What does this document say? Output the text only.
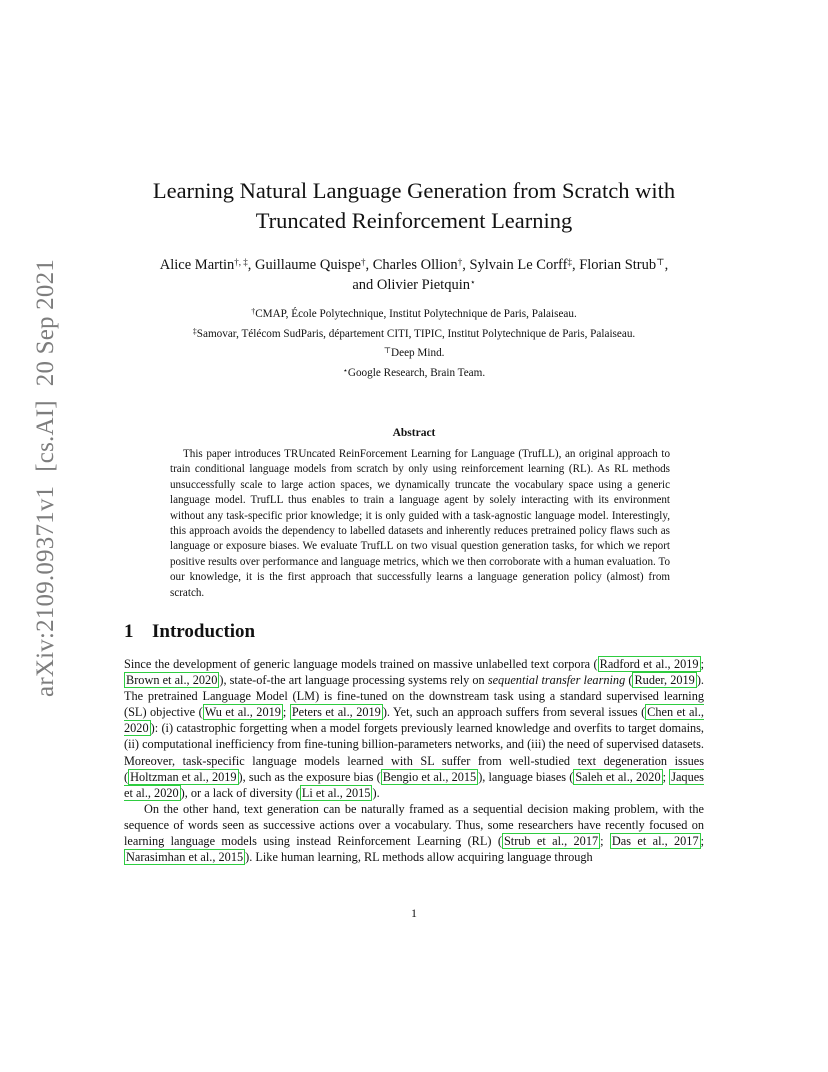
arXiv:2109.09371v1[cs.AI]20 Sep 2021
Learning Natural Language Generation from Scratch with
Truncated Reinforcement Learning
Alice Martin†, ‡, Guillaume Quispe†, Charles Ollion†, Sylvain Le Corff‡, Florian Strub⊤,
and Olivier Pietquin⋆
†CMAP, École Polytechnique, Institut Polytechnique de Paris, Palaiseau.
‡Samovar, Télécom SudParis, département CITI, TIPIC, Institut Polytechnique de Paris, Palaiseau.
⊤Deep Mind.
⋆Google Research, Brain Team.
Abstract
This paper introduces TRUncated ReinForcement Learning for Language (TrufLL), an original approach to train conditional language models from scratch by only using reinforcement learning (RL). As RL methods unsuccessfully scale to large action spaces, we dynamically truncate the vocabulary space using a generic language model. TrufLL thus enables to train a language agent by solely interacting with its environment without any task-specific prior knowledge; it is only guided with a task-agnostic language model. Interestingly, this approach avoids the dependency to labelled datasets and inherently reduces pretrained policy flaws such as language or exposure biases. We evaluate TrufLL on two visual question generation tasks, for which we report positive results over performance and language metrics, which we then corroborate with a human evaluation. To our knowledge, it is the first approach that successfully learns a language generation policy (almost) from scratch.
1 Introduction

Since the development of generic language models trained on massive unlabelled text corpora ( Radford et al., 2019 ; Brown et al., 2020 ), state-of-the art language processing systems rely on sequential transfer learning ( Ruder, 2019 ). The pretrained Language Model (LM) is fine-tuned on the downstream task using a standard supervised learning (SL) objective ( Wu et al., 2019 ; Peters et al., 2019 ). Yet, such an approach suffers from several issues ( Chen et al., 2020 ): (i) catastrophic forgetting when a model forgets previously learned knowledge and overfits to target domains, (ii) computational inefficiency from fine-tuning billion-parameters networks, and (iii) the need of supervised datasets. Moreover, task-specific language models learned with SL suffer from well-studied text degeneration issues ( Holtzman et al., 2019 ), such as the exposure bias ( Bengio et al., 2015 ), language biases ( Saleh et al., 2020 ; Jaques et al., 2020 ), or a lack of diversity ( Li et al., 2015 ).

On the other hand, text generation can be naturally framed as a sequential decision making problem, with the sequence of words seen as successive actions over a vocabulary. Thus, some researchers have recently focused on learning language models using instead Reinforcement Learning (RL) ( Strub et al., 2017 ; Das et al., 2017 ; Narasimhan et al., 2015 ). Like human learning, RL methods allow acquiring language through

1
